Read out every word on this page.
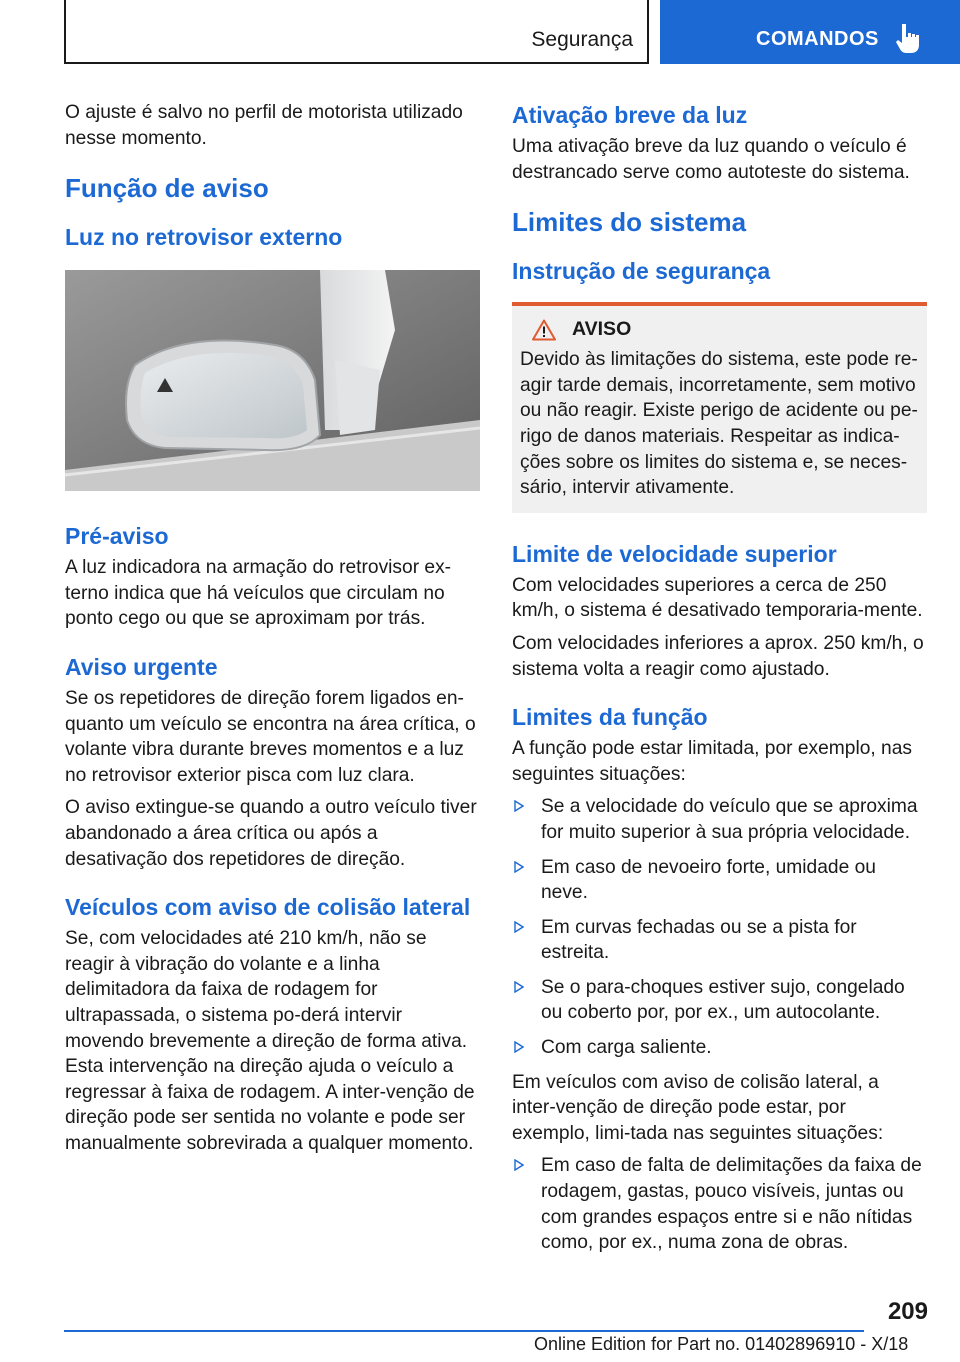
Segurança	COMANDOS

O ajuste é salvo no perfil de motorista utilizado nesse momento.

Função de aviso
Luz no retrovisor externo
Pré-aviso

A luz indicadora na armação do retrovisor ex-terno indica que há veículos que circulam no ponto cego ou que se aproximam por trás.

Aviso urgente

Se os repetidores de direção forem ligados en-quanto um veículo se encontra na área crítica, o volante vibra durante breves momentos e a luz no retrovisor exterior pisca com luz clara.

O aviso extingue-se quando a outro veículo tiver abandonado a área crítica ou após a desativação dos repetidores de direção.

Veículos com aviso de colisão lateral

Se, com velocidades até 210 km/h, não se reagir à vibração do volante e a linha delimitadora da faixa de rodagem for ultrapassada, o sistema po-derá intervir movendo brevemente a direção de forma ativa. Esta intervenção na direção ajuda o veículo a regressar à faixa de rodagem. A inter-venção de direção pode ser sentida no volante e pode ser manualmente sobrevirada a qualquer momento.

Ativação breve da luz

Uma ativação breve da luz quando o veículo é destrancado serve como autoteste do sistema.

Limites do sistema
Instrução de segurança
AVISO

Devido às limitações do sistema, este pode re-agir tarde demais, incorretamente, sem motivo ou não reagir. Existe perigo de acidente ou pe-rigo de danos materiais. Respeitar as indica-ções sobre os limites do sistema e, se neces-sário, intervir ativamente.

Limite de velocidade superior

Com velocidades superiores a cerca de 250 km/h, o sistema é desativado temporaria-mente.

Com velocidades inferiores a aprox. 250 km/h, o sistema volta a reagir como ajustado.

Limites da função

A função pode estar limitada, por exemplo, nas seguintes situações:

Se a velocidade do veículo que se aproxima for muito superior à sua própria velocidade.
Em caso de nevoeiro forte, umidade ou neve.
Em curvas fechadas ou se a pista for estreita.
Se o para-choques estiver sujo, congelado ou coberto por, por ex., um autocolante.
Com carga saliente.

Em veículos com aviso de colisão lateral, a inter-venção de direção pode estar, por exemplo, limi-tada nas seguintes situações:

Em caso de falta de delimitações da faixa de rodagem, gastas, pouco visíveis, juntas ou com grandes espaços entre si e não nítidas como, por ex., numa zona de obras.
209
Online Edition for Part no. 01402896910 - X/18
